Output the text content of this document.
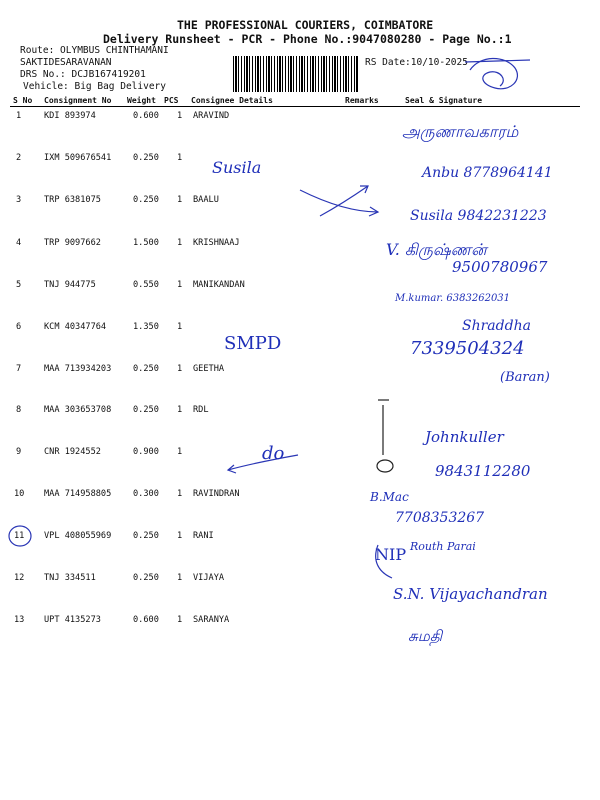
THE PROFESSIONAL COURIERS, COIMBATORE
Delivery Runsheet - PCR - Phone No.:9047080280 - Page No.:1
Route: OLYMBUS CHINTHAMANI
SAKTIDESARAVANAN
DRS No.: DCJB167419201
Vehicle: Big Bag Delivery
RS Date:10/10-2025
S No Consignment No Weight PCS Consignee Details	Remarks	Seal & Signature
1	KDI 893974	0.600 1 ARAVIND
2	IXM 509676541	0.250 1
3	TRP 6381075	0.250 1 BAALU
4	TRP 9097662	1.500 1 KRISHNAAJ
5	TNJ 944775	0.550 1 MANIKANDAN
6	KCM 40347764	1.350 1
7	MAA 713934203	0.250 1 GEETHA
8	MAA 303653708	0.250 1 RDL
9	CNR 1924552	0.900 1
10 MAA 714958805	0.300 1 RAVINDRAN
11 VPL 408055969	0.250 1 RANI
12 TNJ 334511	0.250 1 VIJAYA
13 UPT 4135273	0.600 1 SARANYA
Susila
SMPD
do
அருணாவகாரம்
Anbu 8778964141
Susila 9842231223
V. கிருஷ்ணன்
9500780967
M.kumar. 6383262031
Shraddha
7339504324
(Baran)
Johnkuller
9843112280
B.Mac
7708353267
NIP Routh Parai
S.N. Vijayachandran
சுமதி
